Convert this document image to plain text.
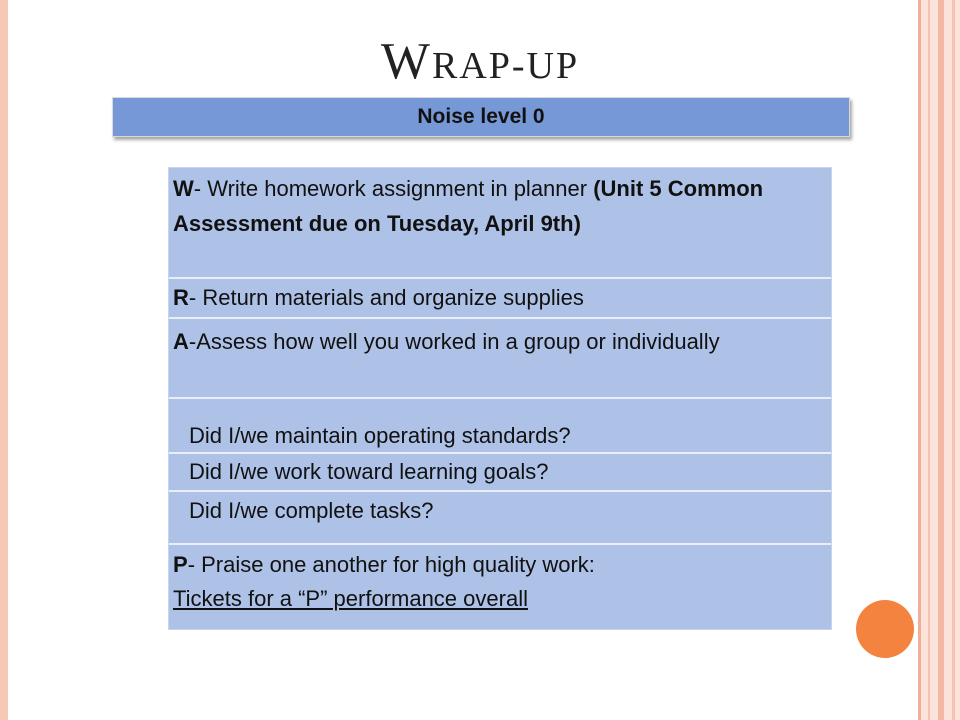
WRAP-UP
Noise level 0
W- Write homework assignment in planner (Unit 5 Common Assessment due on Tuesday, April 9th)
R- Return materials and organize supplies
A-Assess how well you worked in a group or individually
Did I/we maintain operating standards?
Did I/we work toward learning goals?
Did I/we complete tasks?
P- Praise one another for high quality work:
Tickets for a “P” performance overall
